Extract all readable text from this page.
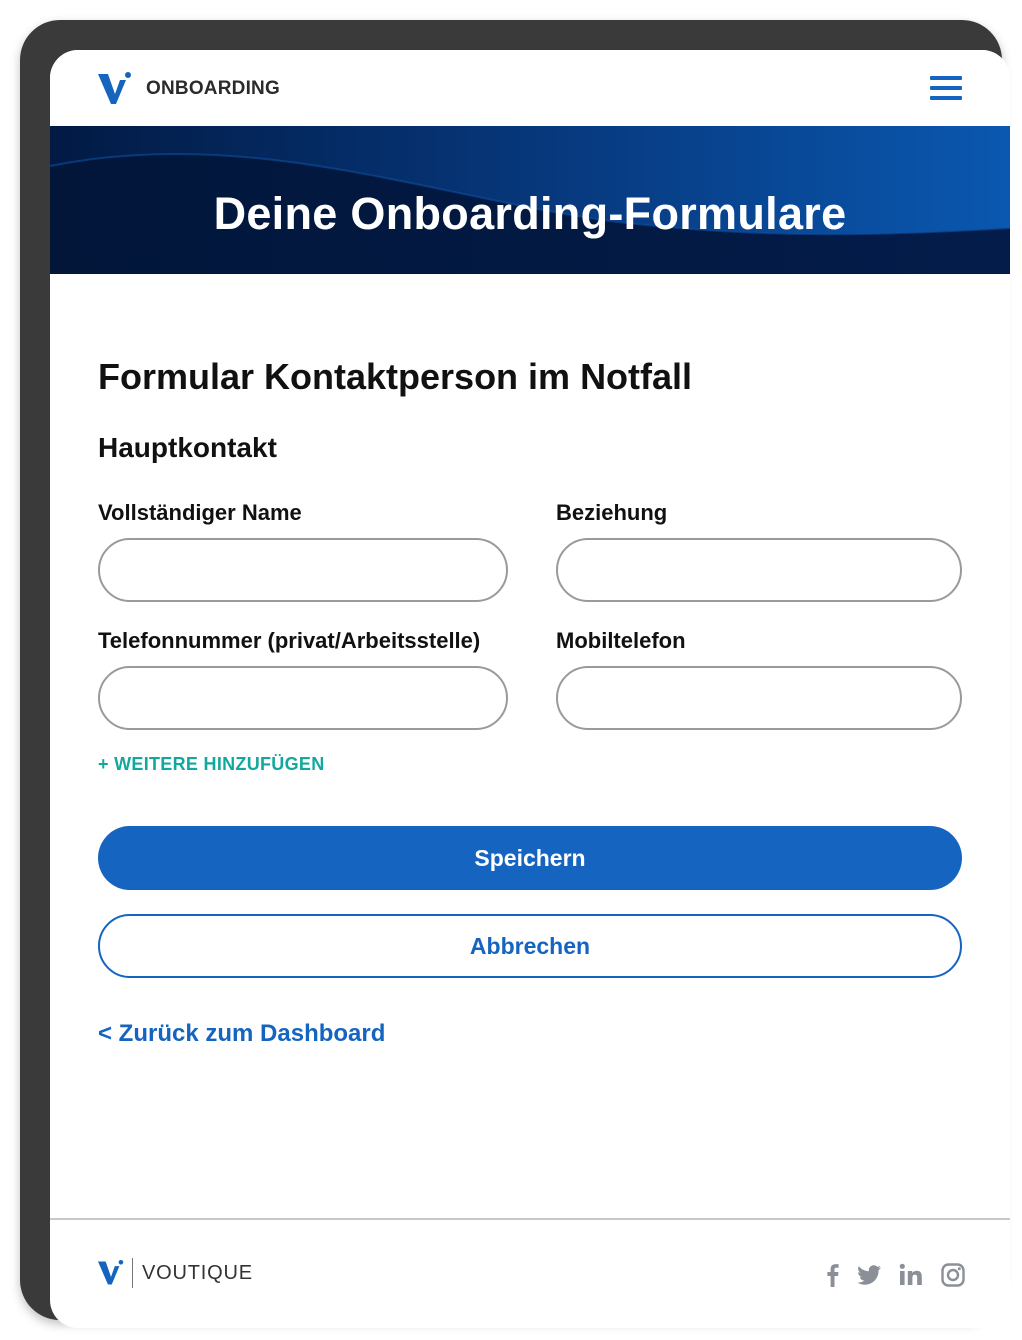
ONBOARDING
Deine Onboarding-Formulare
Formular Kontaktperson im Notfall
Hauptkontakt
Vollständiger Name	Beziehung
Telefonnummer (privat/Arbeitsstelle)	Mobiltelefon
+ WEITERE HINZUFÜGEN
Speichern
Abbrechen
< Zurück zum Dashboard
VOUTIQUE
